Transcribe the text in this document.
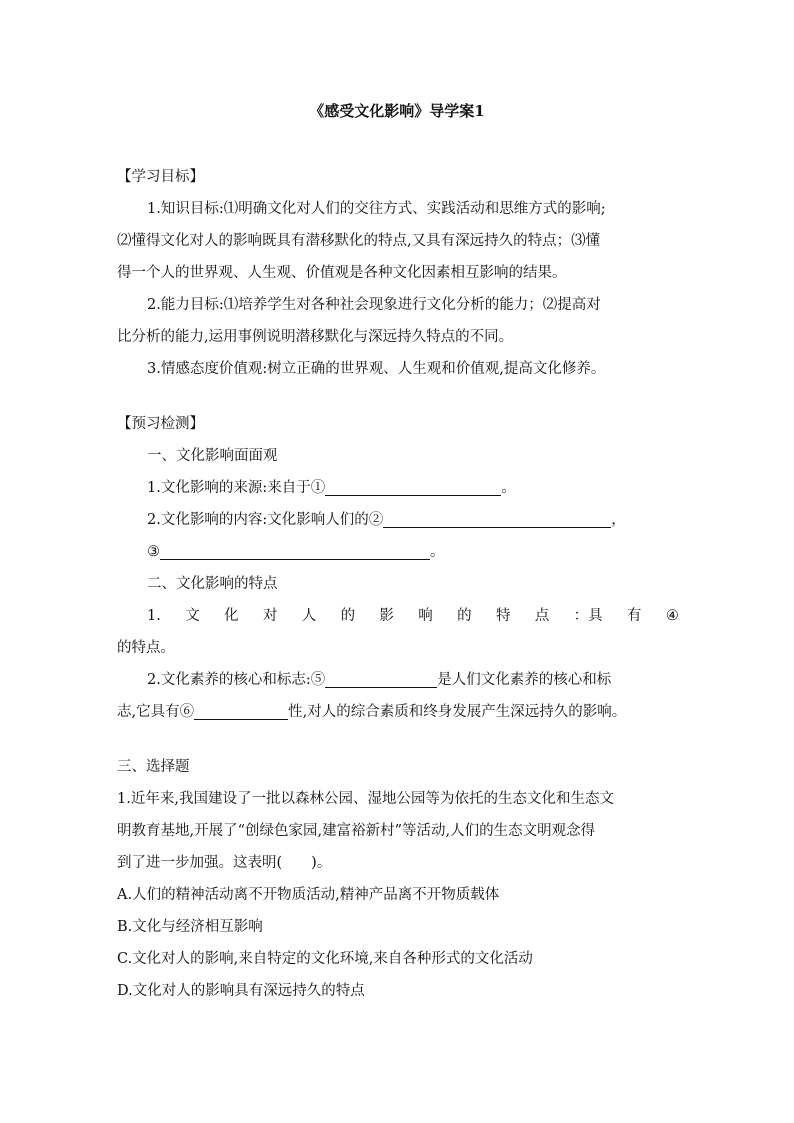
《感受文化影响》导学案1
【学习目标】
1.知识目标:⑴明确文化对人们的交往方式、实践活动和思维方式的影响;
⑵懂得文化对人的影响既具有潜移默化的特点,又具有深远持久的特点；⑶懂
得一个人的世界观、人生观、价值观是各种文化因素相互影响的结果。
2.能力目标:⑴培养学生对各种社会现象进行文化分析的能力；⑵提高对
比分析的能力,运用事例说明潜移默化与深远持久特点的不同。
3.情感态度价值观:树立正确的世界观、人生观和价值观,提高文化修养。
【预习检测】
一、文化影响面面观
1.文化影响的来源:来自于①	。
2.文化影响的内容:文化影响人们的②	，
③	。
二、文化影响的特点
1. 文 化 对 人 的 影 响 的 特 点 ：具 有 ④
的特点。
2.文化素养的核心和标志:⑤	是人们文化素养的核心和标
志,它具有⑥	性,对人的综合素质和终身发展产生深远持久的影响。
三、选择题
1.近年来,我国建设了一批以森林公园、湿地公园等为依托的生态文化和生态文
明教育基地,开展了“创绿色家园,建富裕新村”等活动,人们的生态文明观念得
到了进一步加强。这表明(　　)。
A.人们的精神活动离不开物质活动,精神产品离不开物质载体
B.文化与经济相互影响
C.文化对人的影响,来自特定的文化环境,来自各种形式的文化活动
D.文化对人的影响具有深远持久的特点
